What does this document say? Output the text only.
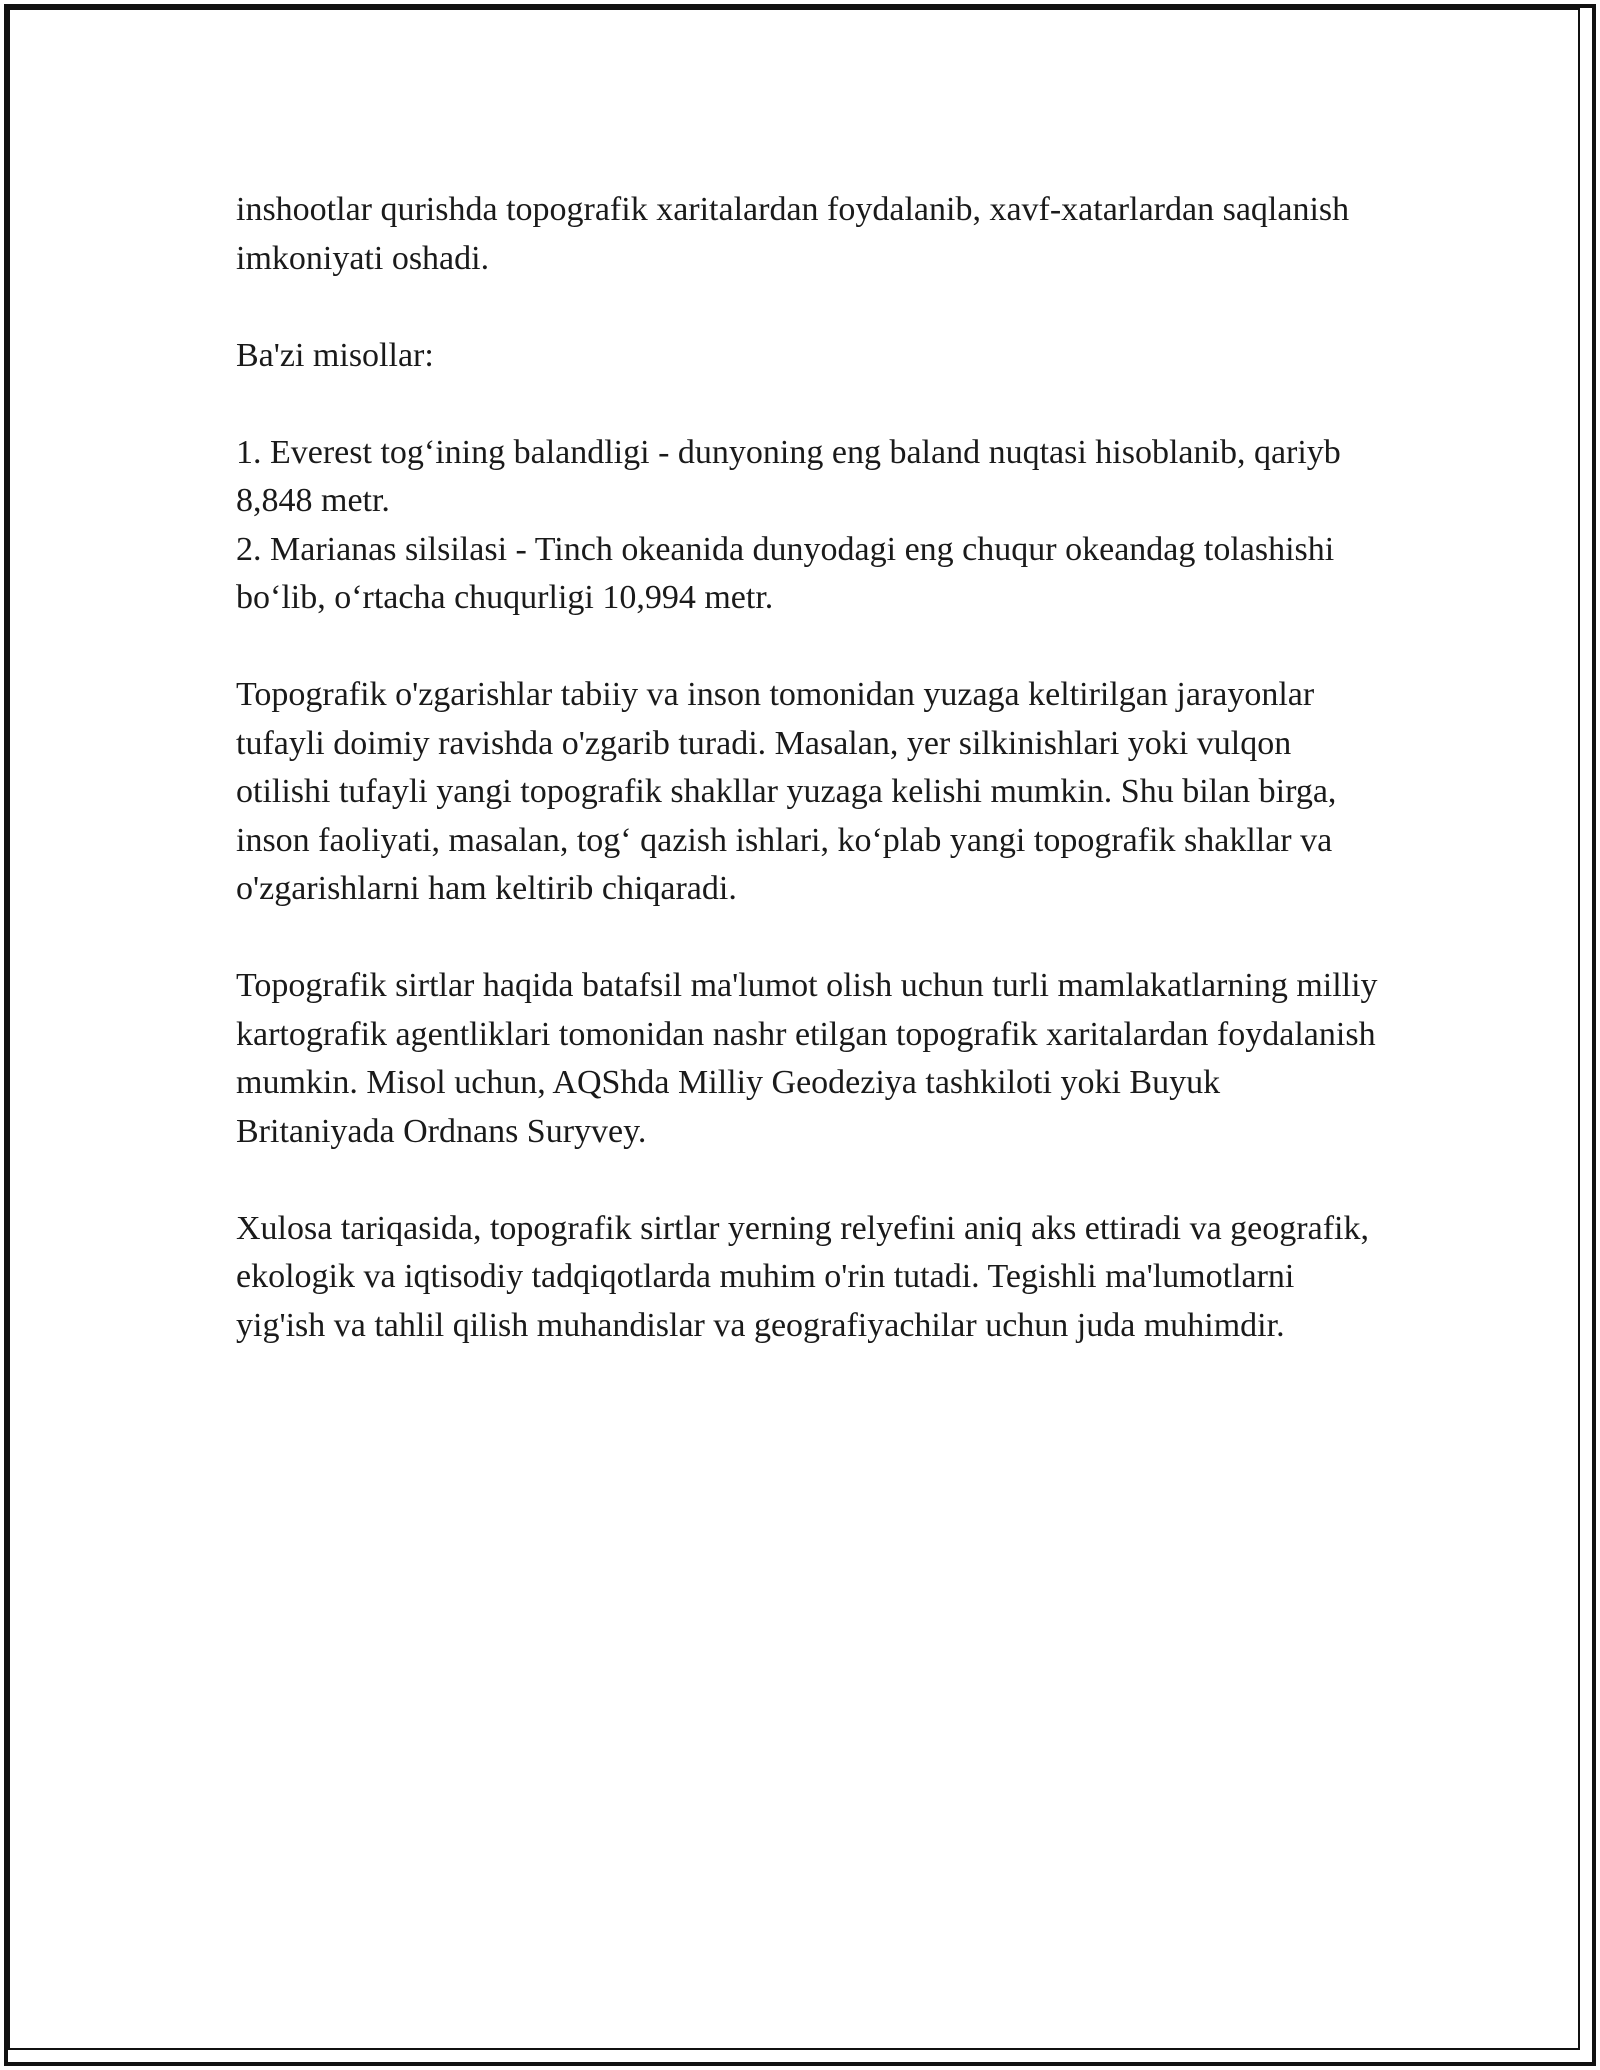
inshootlar qurishda topografik xaritalardan foydalanib, xavf-xatarlardan saqlanish imkoniyati oshadi.

Ba'zi misollar:

1. Everest tog‘ining balandligi - dunyoning eng baland nuqtasi hisoblanib, qariyb 8,848 metr.

2. Marianas silsilasi - Tinch okeanida dunyodagi eng chuqur okeandag tolashishi bo‘lib, o‘rtacha chuqurligi 10,994 metr.

Topografik o'zgarishlar tabiiy va inson tomonidan yuzaga keltirilgan jarayonlar tufayli doimiy ravishda o'zgarib turadi. Masalan, yer silkinishlari yoki vulqon otilishi tufayli yangi topografik shakllar yuzaga kelishi mumkin. Shu bilan birga, inson faoliyati, masalan, tog‘ qazish ishlari, ko‘plab yangi topografik shakllar va o'zgarishlarni ham keltirib chiqaradi.

Topografik sirtlar haqida batafsil ma'lumot olish uchun turli mamlakatlarning milliy kartografik agentliklari tomonidan nashr etilgan topografik xaritalardan foydalanish mumkin. Misol uchun, AQShda Milliy Geodeziya tashkiloti yoki Buyuk Britaniyada Ordnans Suryvey.

Xulosa tariqasida, topografik sirtlar yerning relyefini aniq aks ettiradi va geografik, ekologik va iqtisodiy tadqiqotlarda muhim o'rin tutadi. Tegishli ma'lumotlarni yig'ish va tahlil qilish muhandislar va geografiyachilar uchun juda muhimdir.
